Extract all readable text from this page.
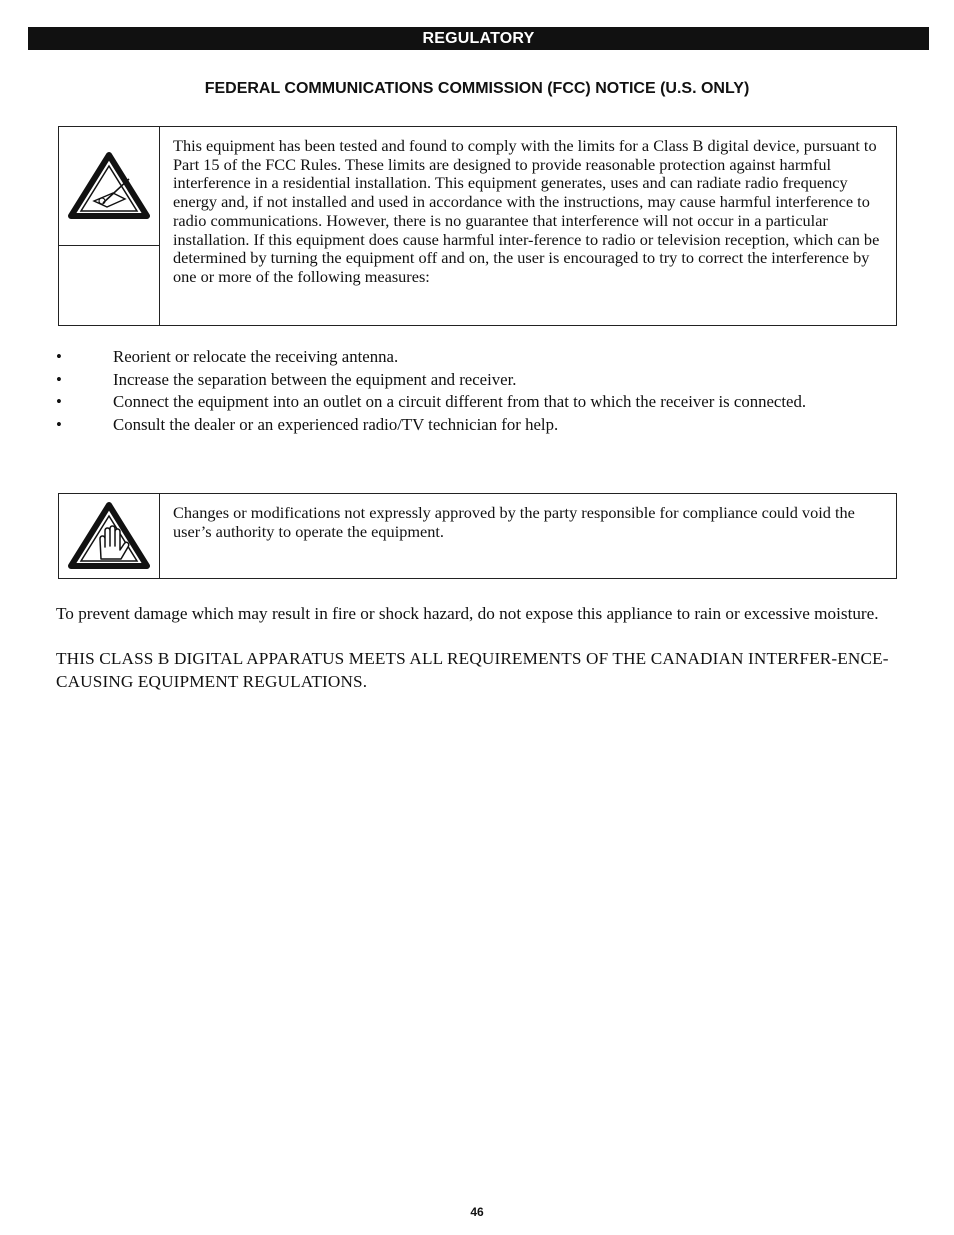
REGULATORY
FEDERAL COMMUNICATIONS COMMISSION (FCC) NOTICE (U.S. ONLY)
This equipment has been tested and found to comply with the limits for a Class B digital device, pursuant to Part 15 of the FCC Rules. These limits are designed to provide reasonable protection against harmful interference in a residential installation. This equipment generates, uses and can radiate radio frequency energy and, if not installed and used in accordance with the instructions, may cause harmful interference to radio communications. However, there is no guarantee that interference will not occur in a particular installation. If this equipment does cause harmful inter-ference to radio or television reception, which can be determined by turning the equipment off and on, the user is encouraged to try to correct the interference by one or more of the following measures:
•	Reorient or relocate the receiving antenna.
•	Increase the separation between the equipment and receiver.
•	Connect the equipment into an outlet on a circuit different from that to which the receiver is connected.
•	Consult the dealer or an experienced radio/TV technician for help.
Changes or modifications not expressly approved by the party responsible for compliance could void the user’s authority to operate the equipment.

To prevent damage which may result in fire or shock hazard, do not expose this appliance to rain or excessive moisture.

THIS CLASS B DIGITAL APPARATUS MEETS ALL REQUIREMENTS OF THE CANADIAN INTERFER-ENCE-CAUSING EQUIPMENT REGULATIONS.

46
